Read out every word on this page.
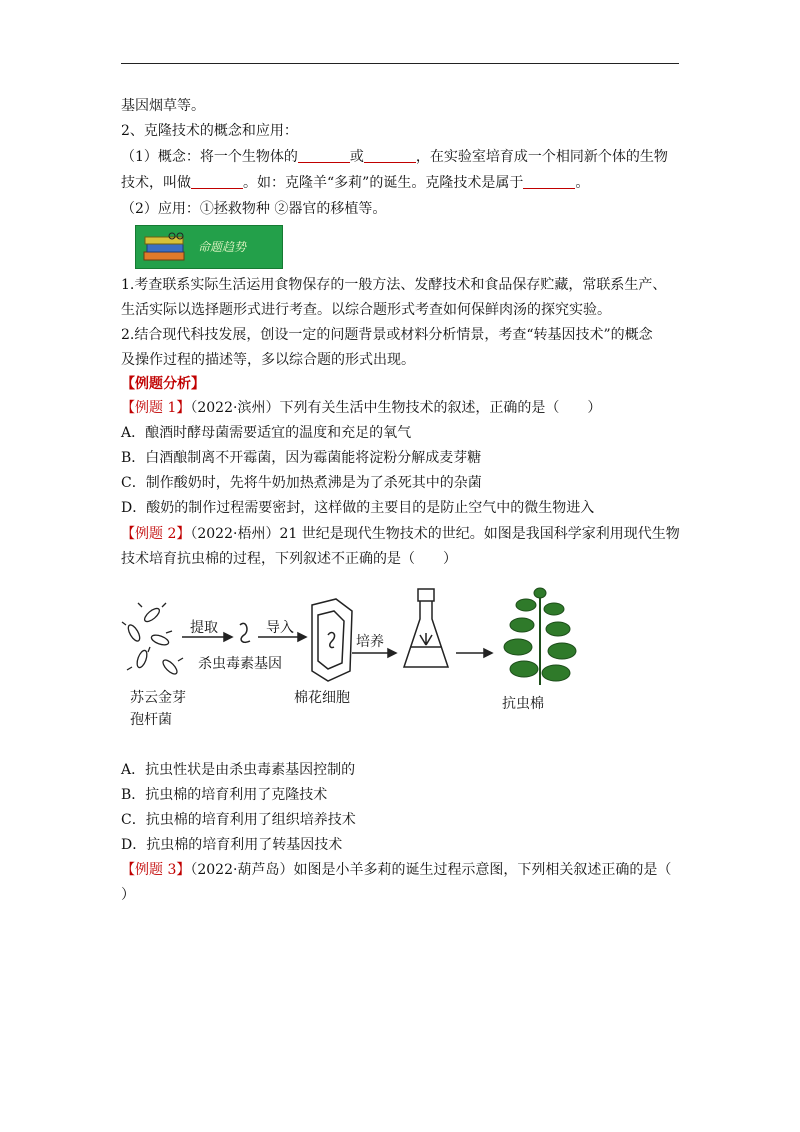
基因烟草等。
2、克隆技术的概念和应用：
（1）概念：将一个生物体的	或	，在实验室培育成一个相同新个体的生物
技术，叫做	。如：克隆羊“多莉”的诞生。克隆技术是属于	。
（2）应用：①拯救物种 ②器官的移植等。
命题趋势
1.考查联系实际生活运用食物保存的一般方法、发酵技术和食品保存贮藏，常联系生产、
生活实际以选择题形式进行考查。以综合题形式考查如何保鲜肉汤的探究实验。
2.结合现代科技发展，创设一定的问题背景或材料分析情景，考查“转基因技术”的概念
及操作过程的描述等，多以综合题的形式出现。
【例题分析】
【例题 1】（2022·滨州）下列有关生活中生物技术的叙述，正确的是（　　）
A．酿酒时酵母菌需要适宜的温度和充足的氧气
B．白酒酿制离不开霉菌，因为霉菌能将淀粉分解成麦芽糖
C．制作酸奶时，先将牛奶加热煮沸是为了杀死其中的杂菌
D．酸奶的制作过程需要密封，这样做的主要目的是防止空气中的微生物进入
【例题 2】（2022·梧州）21 世纪是现代生物技术的世纪。如图是我国科学家利用现代生物
技术培育抗虫棉的过程，下列叙述不正确的是（　　）
提取	导入
培养
杀虫毒素基因
棉花细胞
苏云金芽
孢杆菌
抗虫棉
A．抗虫性状是由杀虫毒素基因控制的
B．抗虫棉的培育利用了克隆技术
C．抗虫棉的培育利用了组织培养技术
D．抗虫棉的培育利用了转基因技术
【例题 3】（2022·葫芦岛）如图是小羊多莉的诞生过程示意图，下列相关叙述正确的是（
）
